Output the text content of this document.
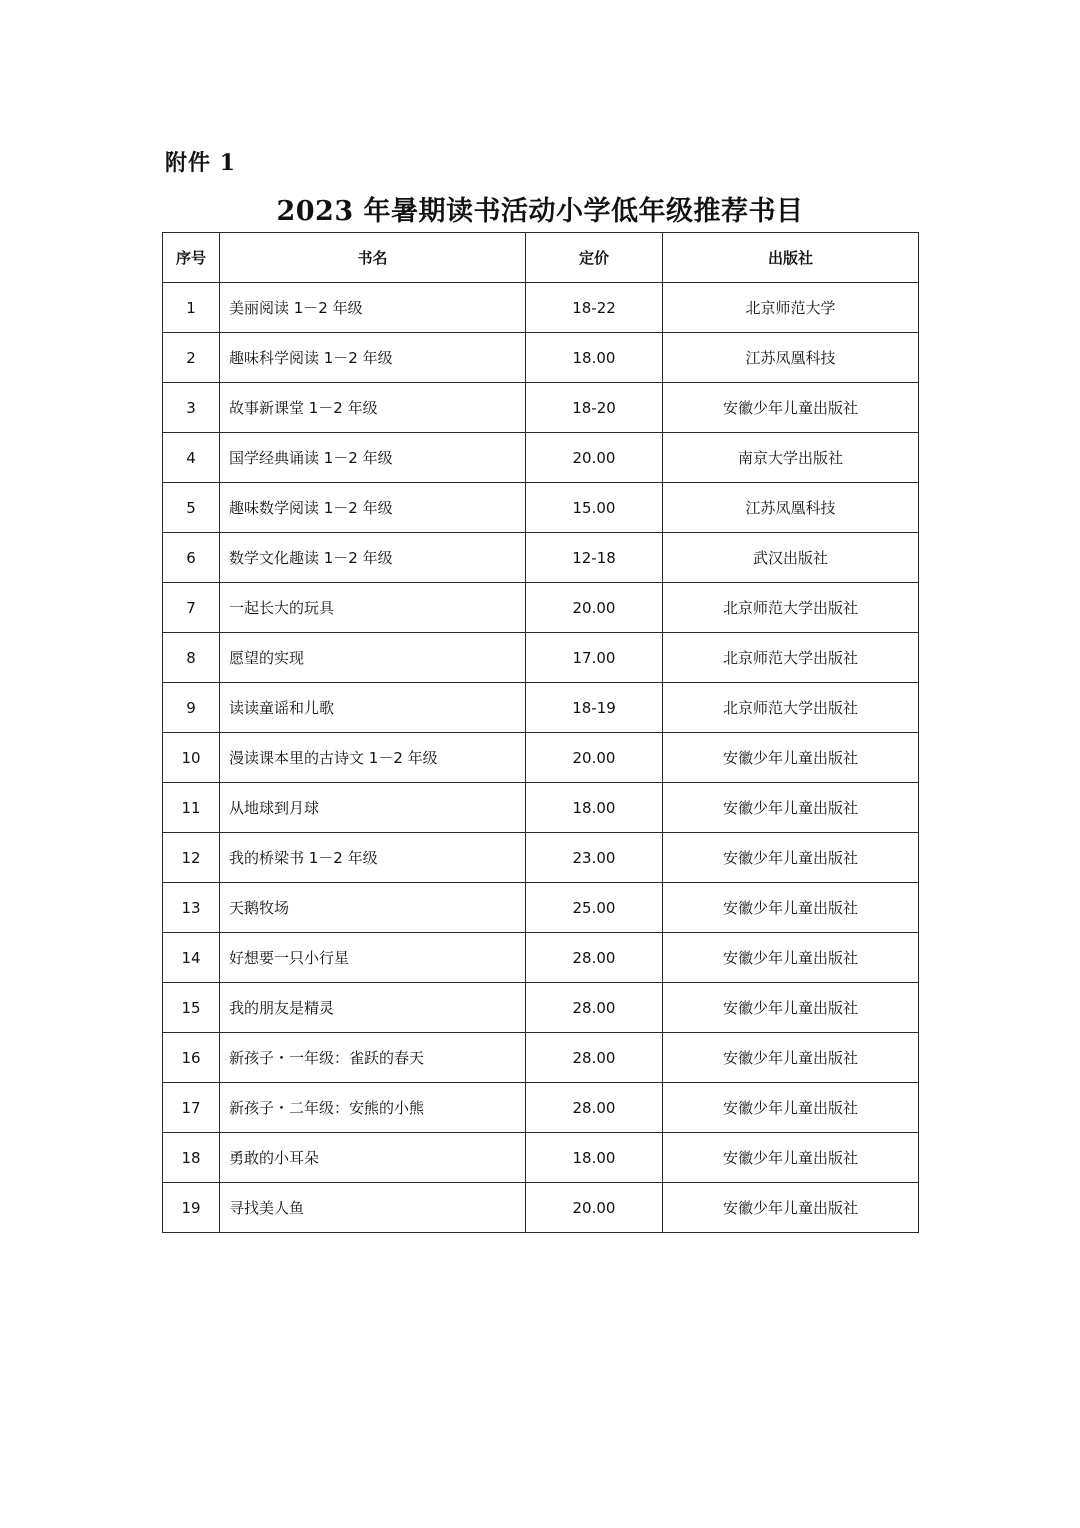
附件 1
2023 年暑期读书活动小学低年级推荐书目
序号	书名	定价	出版社
1	美丽阅读 1－2 年级	18-22	北京师范大学
2	趣味科学阅读 1－2 年级	18.00	江苏凤凰科技
3	故事新课堂 1－2 年级	18-20	安徽少年儿童出版社
4	国学经典诵读 1－2 年级	20.00	南京大学出版社
5	趣味数学阅读 1－2 年级	15.00	江苏凤凰科技
6	数学文化趣读 1－2 年级	12-18	武汉出版社
7	一起长大的玩具	20.00	北京师范大学出版社
8	愿望的实现	17.00	北京师范大学出版社
9	读读童谣和儿歌	18-19	北京师范大学出版社
10	漫读课本里的古诗文 1－2 年级	20.00	安徽少年儿童出版社
11	从地球到月球	18.00	安徽少年儿童出版社
12	我的桥梁书 1－2 年级	23.00	安徽少年儿童出版社
13	天鹅牧场	25.00	安徽少年儿童出版社
14	好想要一只小行星	28.00	安徽少年儿童出版社
15	我的朋友是精灵	28.00	安徽少年儿童出版社
16	新孩子・一年级：雀跃的春天	28.00	安徽少年儿童出版社
17	新孩子・二年级：安熊的小熊	28.00	安徽少年儿童出版社
18	勇敢的小耳朵	18.00	安徽少年儿童出版社
19	寻找美人鱼	20.00	安徽少年儿童出版社
